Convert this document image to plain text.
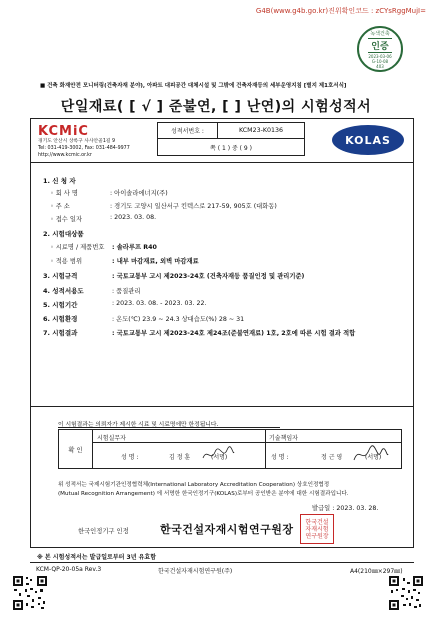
G4B(www.g4b.go.kr)진위확인코드 : zCYsRggMujI=
녹색건축
인증
2023-03-06
G-10-08
403
■ 건축 화재안전 모니터링(건축자재 분야), 아파트 대피공간 대체시설 및 그밖에 건축자재등의 세부운영지침 [별지 제1호서식]
단일재료( [ √ ] 준불연, [ ] 난연)의 시험성적서
KCMiC
경기도 안산시 상록구 사사안골1길 9
Tel: 031-419-3002, Fax: 031-484-9977
http://www.kcmic.or.kr
성적서번호 :	KCM23-K0136
쪽 ( 1 ) 중 ( 9 )
KOLAS
1. 신 청 자
◦ 회 사 명	: 아이솔라에너지(주)
◦ 주 소	: 경기도 고양시 일산서구 킨텍스로 217-59, 905호 (대화동)
◦ 접수 일자	: 2023. 03. 08.
2. 시험대상품
◦ 시료명 / 제품번호 : 솔라루프 R40
◦ 적용 범위	: 내부 마감재료, 외벽 마감재료
3. 시험규격	: 국토교통부 고시 제2023-24호 (건축자재등 품질인정 및 관리기준)
4. 성적서용도	: 품질관리
5. 시험기간	: 2023. 03. 08. - 2023. 03. 22.
6. 시험환경	: 온도(℃) 23.9 ~ 24.3 상대습도(%) 28 ~ 31
7. 시험결과	: 국토교통부 고시 제2023-24호 제24조(준불연재료) 1호, 2호에 따른 시험 결과 적합
이 시험결과는 의뢰자가 제시한 시료 및 시료명에만 한정됩니다.
확 인
시험실무자
성 명 :	김 정 훈	(서명)
기술책임자
성 명 :	정 근 영	(서명)
위 성적서는 국제시험기관인정협력체(International Laboratory Accreditation Cooperation) 상호인정협정
(Mutual Recognition Arrangement) 에 서명한 한국인정기구(KOLAS)로부터 공인받은 분야에 대한 시험결과입니다.
발급일 : 2023. 03. 28.
한국인정기구 인정	한국건설자재시험연구원장
한국건설
자재시험
연구원장
※ 본 시험성적서는 발급일로부터 3년 유효함
KCM-QP-20-05a Rev.3	한국건설자재시험연구원(주)	A4(210㎜×297㎜)
